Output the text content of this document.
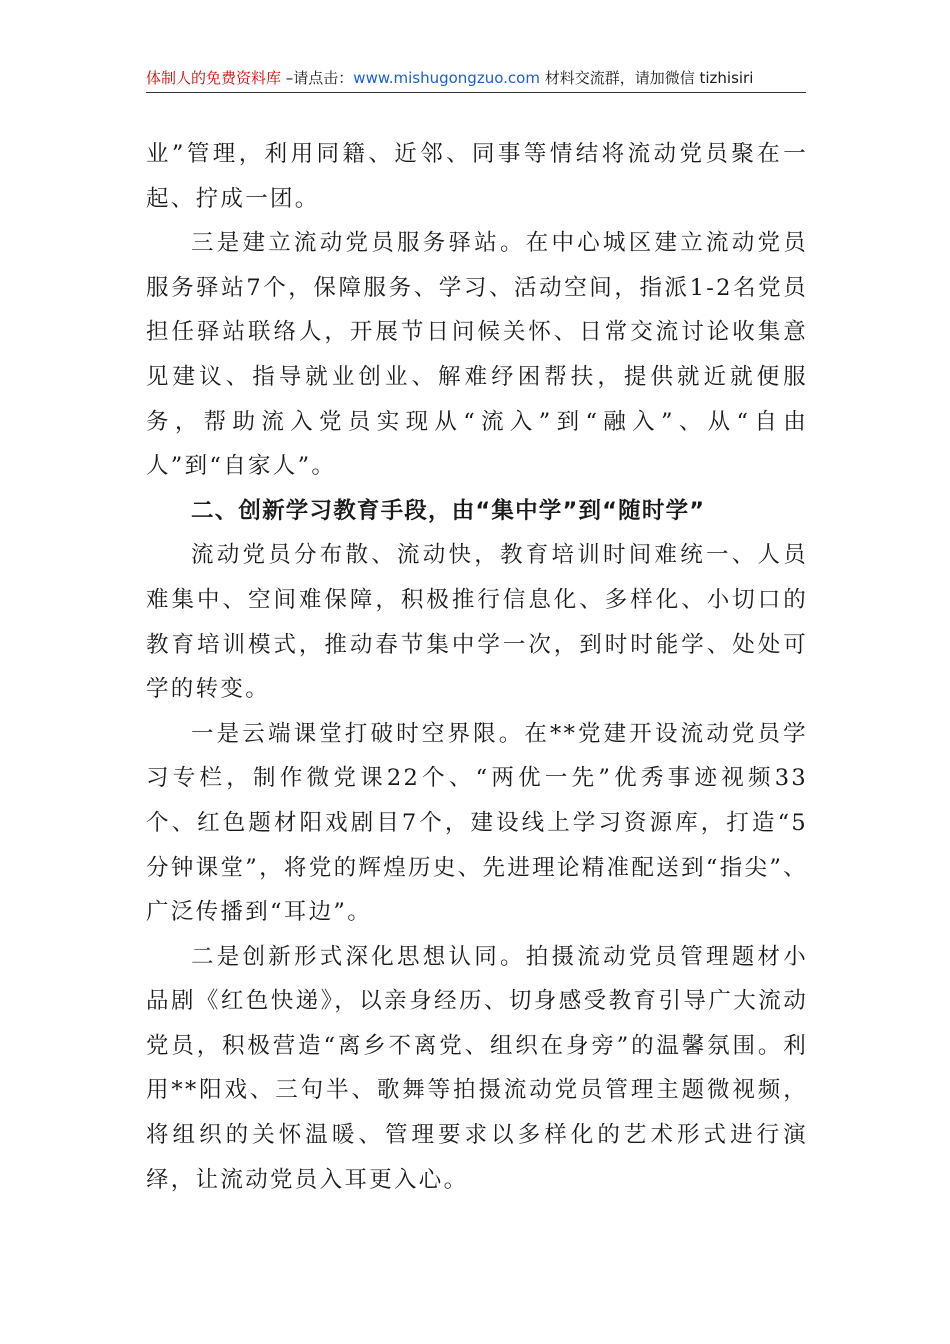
体制人的免费资料库 –请点击：www.mishugongzuo.com 材料交流群，请加微信 tizhisiri

业”管理，利用同籍、近邻、同事等情结将流动党员聚在一起、拧成一团。

三是建立流动党员服务驿站。在中心城区建立流动党员服务驿站7个，保障服务、学习、活动空间，指派1-2名党员担任驿站联络人，开展节日问候关怀、日常交流讨论收集意见建议、指导就业创业、解难纾困帮扶，提供就近就便服务，帮助流入党员实现从“流入”到“融入”、从“自由人”到“自家人”。

二、创新学习教育手段，由“集中学”到“随时学”

流动党员分布散、流动快，教育培训时间难统一、人员难集中、空间难保障，积极推行信息化、多样化、小切口的教育培训模式，推动春节集中学一次，到时时能学、处处可学的转变。

一是云端课堂打破时空界限。在**党建开设流动党员学习专栏，制作微党课22个、“两优一先”优秀事迹视频33个、红色题材阳戏剧目7个，建设线上学习资源库，打造“5分钟课堂”，将党的辉煌历史、先进理论精准配送到“指尖”、广泛传播到“耳边”。

二是创新形式深化思想认同。拍摄流动党员管理题材小品剧《红色快递》，以亲身经历、切身感受教育引导广大流动党员，积极营造“离乡不离党、组织在身旁”的温馨氛围。利用**阳戏、三句半、歌舞等拍摄流动党员管理主题微视频，将组织的关怀温暖、管理要求以多样化的艺术形式进行演绎，让流动党员入耳更入心。
